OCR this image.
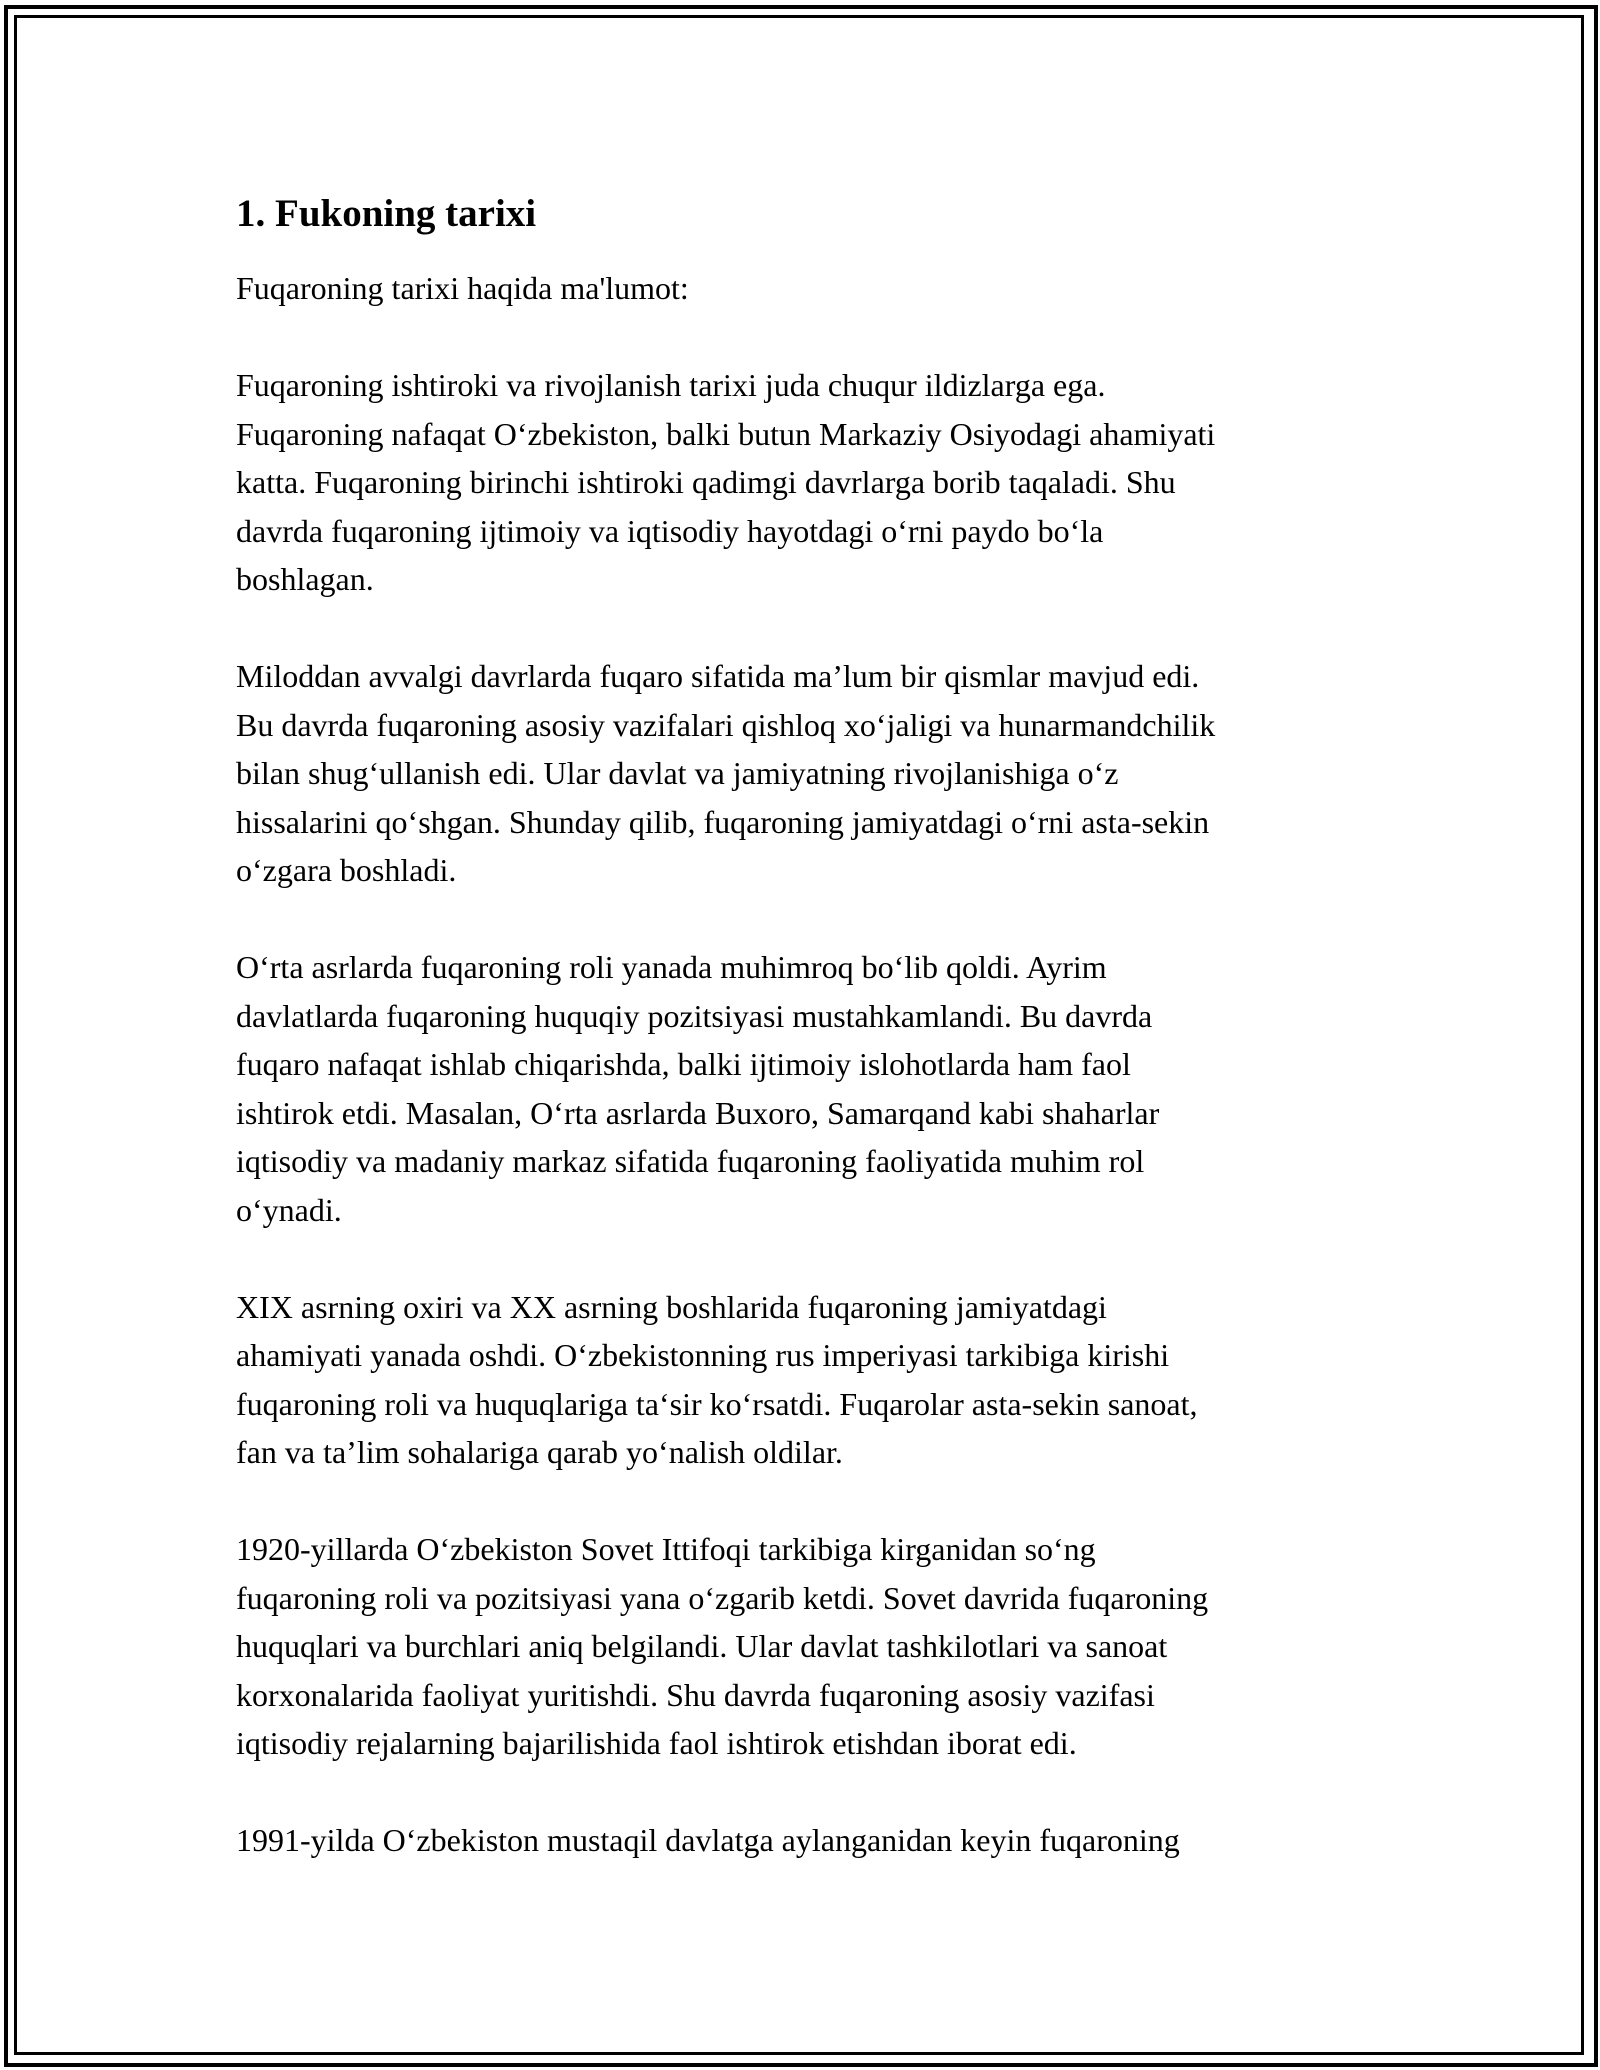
1. Fukoning tarixi

Fuqaroning tarixi haqida ma'lumot:

Fuqaroning ishtiroki va rivojlanish tarixi juda chuqur ildizlarga ega.
Fuqaroning nafaqat O‘zbekiston, balki butun Markaziy Osiyodagi ahamiyati
katta. Fuqaroning birinchi ishtiroki qadimgi davrlarga borib taqaladi. Shu
davrda fuqaroning ijtimoiy va iqtisodiy hayotdagi o‘rni paydo bo‘la
boshlagan.

Miloddan avvalgi davrlarda fuqaro sifatida ma’lum bir qismlar mavjud edi.
Bu davrda fuqaroning asosiy vazifalari qishloq xo‘jaligi va hunarmandchilik
bilan shug‘ullanish edi. Ular davlat va jamiyatning rivojlanishiga o‘z
hissalarini qo‘shgan. Shunday qilib, fuqaroning jamiyatdagi o‘rni asta-sekin
o‘zgara boshladi.

O‘rta asrlarda fuqaroning roli yanada muhimroq bo‘lib qoldi. Ayrim
davlatlarda fuqaroning huquqiy pozitsiyasi mustahkamlandi. Bu davrda
fuqaro nafaqat ishlab chiqarishda, balki ijtimoiy islohotlarda ham faol
ishtirok etdi. Masalan, O‘rta asrlarda Buxoro, Samarqand kabi shaharlar
iqtisodiy va madaniy markaz sifatida fuqaroning faoliyatida muhim rol
o‘ynadi.

XIX asrning oxiri va XX asrning boshlarida fuqaroning jamiyatdagi
ahamiyati yanada oshdi. O‘zbekistonning rus imperiyasi tarkibiga kirishi
fuqaroning roli va huquqlariga ta‘sir ko‘rsatdi. Fuqarolar asta-sekin sanoat,
fan va ta’lim sohalariga qarab yo‘nalish oldilar.

1920-yillarda O‘zbekiston Sovet Ittifoqi tarkibiga kirganidan so‘ng
fuqaroning roli va pozitsiyasi yana o‘zgarib ketdi. Sovet davrida fuqaroning
huquqlari va burchlari aniq belgilandi. Ular davlat tashkilotlari va sanoat
korxonalarida faoliyat yuritishdi. Shu davrda fuqaroning asosiy vazifasi
iqtisodiy rejalarning bajarilishida faol ishtirok etishdan iborat edi.

1991-yilda O‘zbekiston mustaqil davlatga aylanganidan keyin fuqaroning
